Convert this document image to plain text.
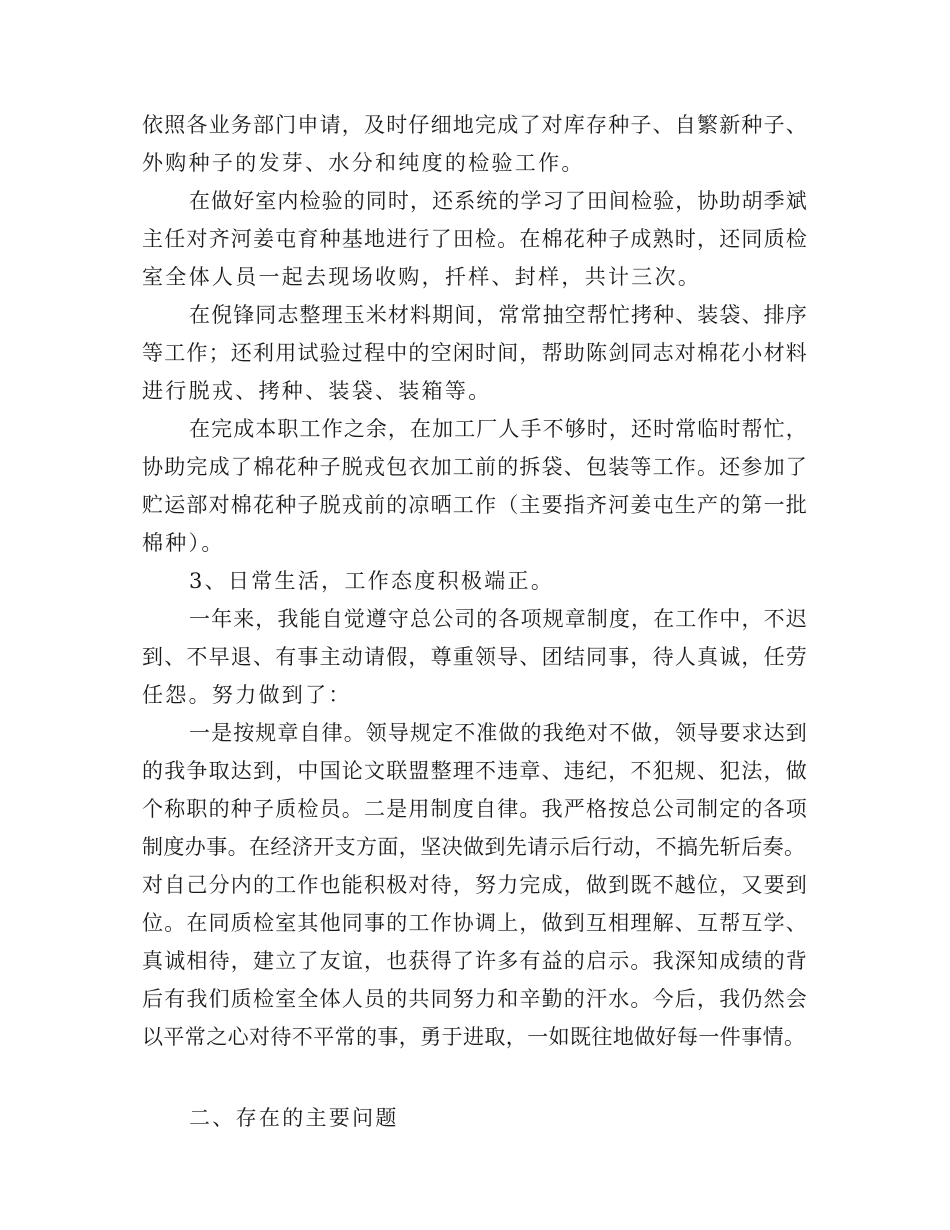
依照各业务部门申请，及时仔细地完成了对库存种子、自繁新种子、
外购种子的发芽、水分和纯度的检验工作。
在做好室内检验的同时，还系统的学习了田间检验，协助胡季斌
主任对齐河姜屯育种基地进行了田检。在棉花种子成熟时，还同质检
室全体人员一起去现场收购，扦样、封样，共计三次。
在倪锋同志整理玉米材料期间，常常抽空帮忙拷种、装袋、排序
等工作；还利用试验过程中的空闲时间，帮助陈剑同志对棉花小材料
进行脱戎、拷种、装袋、装箱等。
在完成本职工作之余，在加工厂人手不够时，还时常临时帮忙，
协助完成了棉花种子脱戎包衣加工前的拆袋、包装等工作。还参加了
贮运部对棉花种子脱戎前的凉晒工作（主要指齐河姜屯生产的第一批
棉种）。
3、日常生活，工作态度积极端正。
一年来，我能自觉遵守总公司的各项规章制度，在工作中，不迟
到、不早退、有事主动请假，尊重领导、团结同事，待人真诚，任劳
任怨。努力做到了：
一是按规章自律。领导规定不准做的我绝对不做，领导要求达到
的我争取达到，中国论文联盟整理不违章、违纪，不犯规、犯法，做
个称职的种子质检员。二是用制度自律。我严格按总公司制定的各项
制度办事。在经济开支方面，坚决做到先请示后行动，不搞先斩后奏。
对自己分内的工作也能积极对待，努力完成，做到既不越位，又要到
位。在同质检室其他同事的工作协调上，做到互相理解、互帮互学、
真诚相待，建立了友谊，也获得了许多有益的启示。我深知成绩的背
后有我们质检室全体人员的共同努力和辛勤的汗水。今后，我仍然会
以平常之心对待不平常的事，勇于进取，一如既往地做好每一件事情。
二、存在的主要问题
